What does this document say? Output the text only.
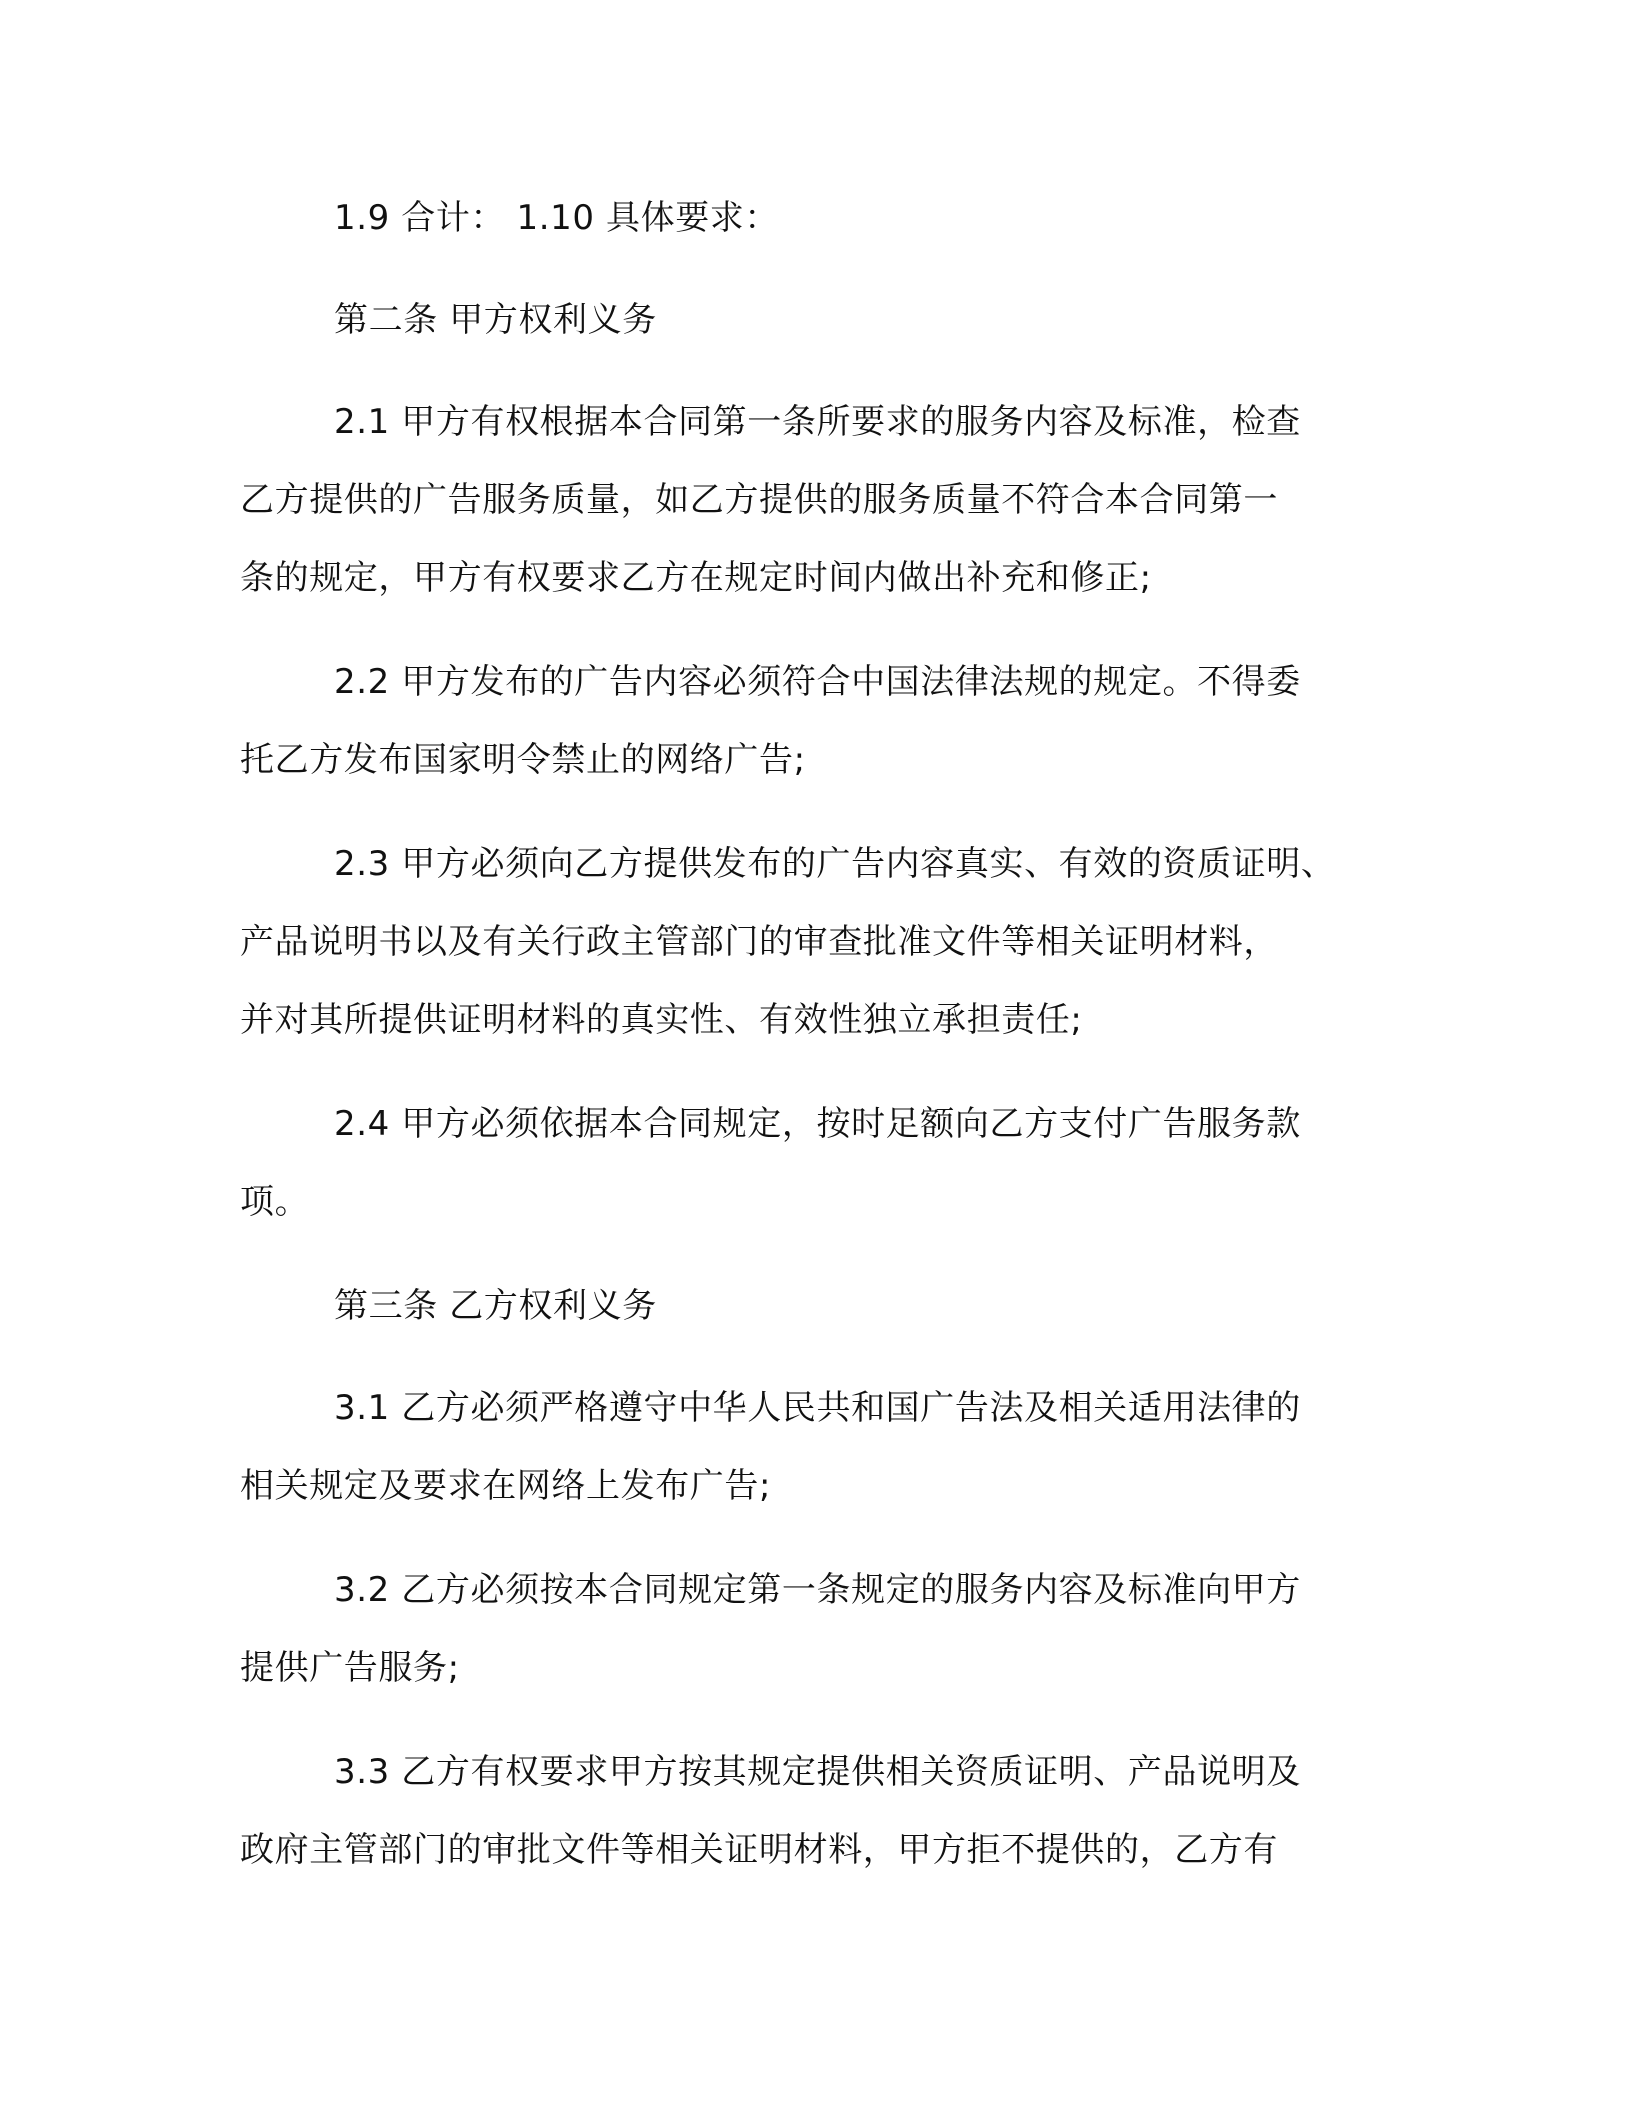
1.9 合计： 1.10 具体要求：

第二条 甲方权利义务

2.1 甲方有权根据本合同第一条所要求的服务内容及标准，检查

乙方提供的广告服务质量，如乙方提供的服务质量不符合本合同第一

条的规定，甲方有权要求乙方在规定时间内做出补充和修正;

2.2 甲方发布的广告内容必须符合中国法律法规的规定。不得委

托乙方发布国家明令禁止的网络广告;

2.3 甲方必须向乙方提供发布的广告内容真实、有效的资质证明、

产品说明书以及有关行政主管部门的审查批准文件等相关证明材料，

并对其所提供证明材料的真实性、有效性独立承担责任;

2.4 甲方必须依据本合同规定，按时足额向乙方支付广告服务款

项。

第三条 乙方权利义务

3.1 乙方必须严格遵守中华人民共和国广告法及相关适用法律的

相关规定及要求在网络上发布广告;

3.2 乙方必须按本合同规定第一条规定的服务内容及标准向甲方

提供广告服务;

3.3 乙方有权要求甲方按其规定提供相关资质证明、产品说明及

政府主管部门的审批文件等相关证明材料，甲方拒不提供的，乙方有
